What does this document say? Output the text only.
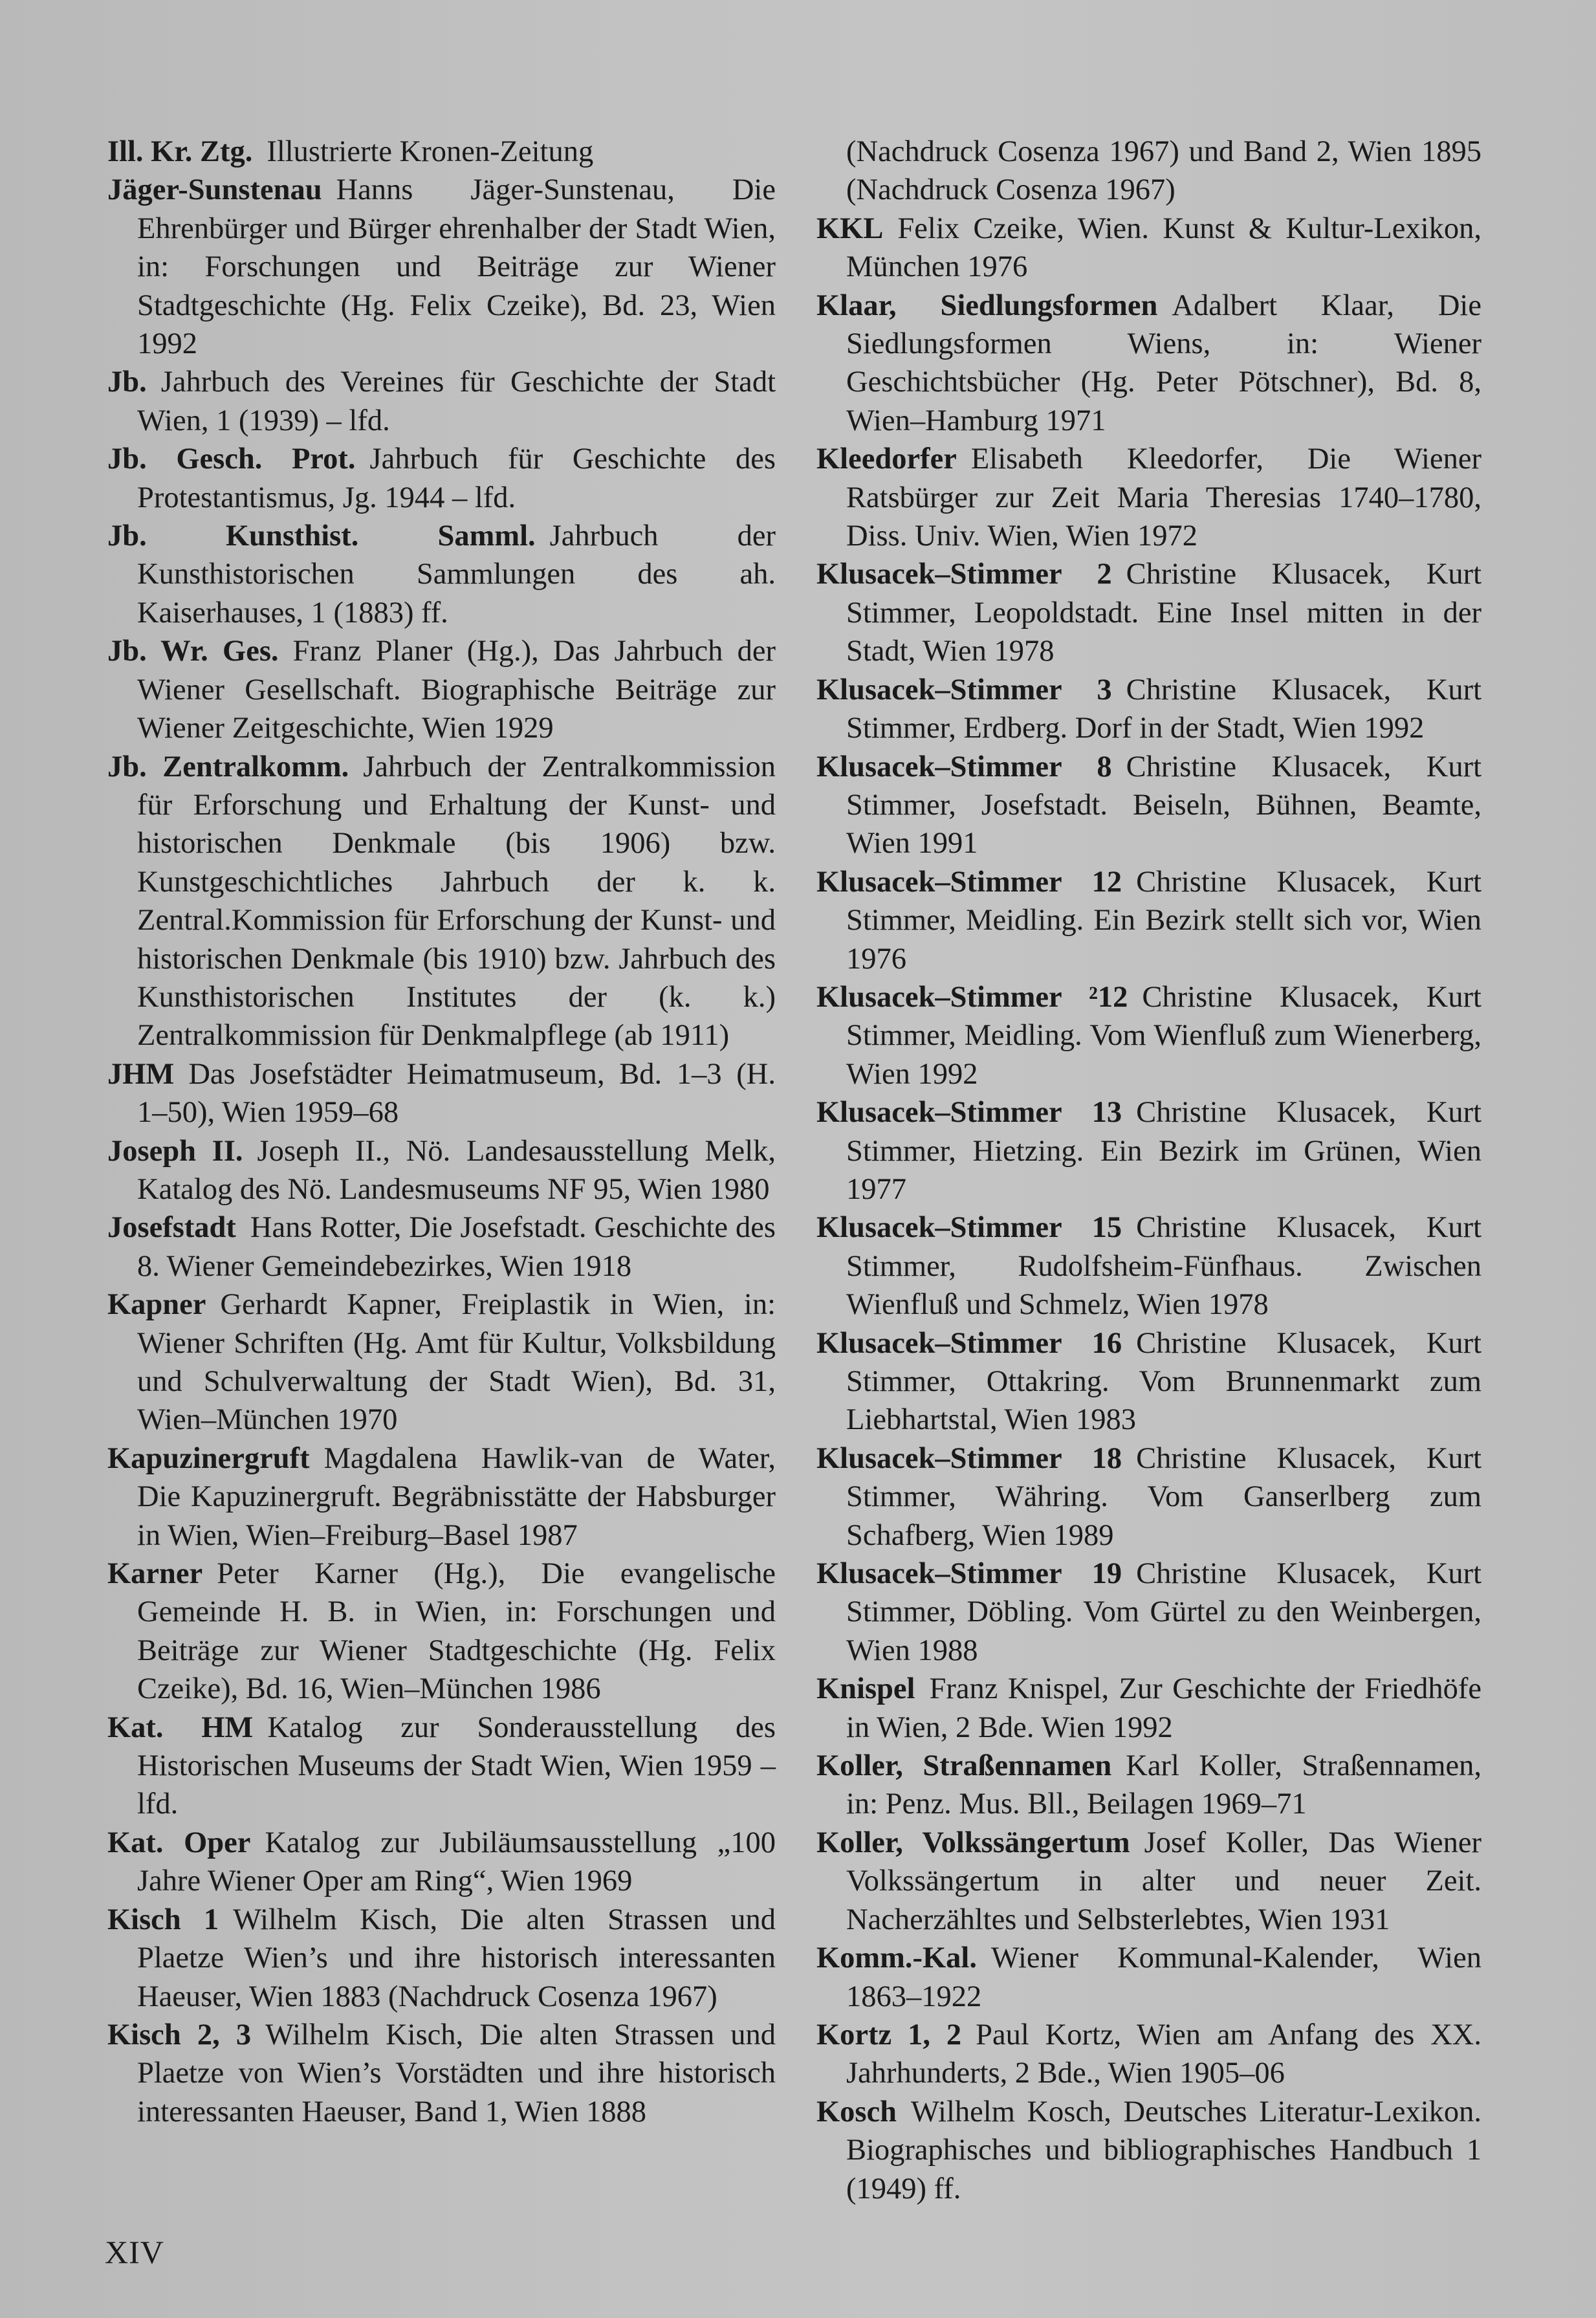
Ill. Kr. Ztg. Illustrierte Kronen-Zeitung

Jäger-Sunstenau Hanns Jäger-Sunstenau, Die Ehrenbürger und Bürger ehrenhalber der Stadt Wien, in: Forschungen und Beiträge zur Wiener Stadtgeschichte (Hg. Felix Czeike), Bd. 23, Wien 1992

Jb. Jahrbuch des Vereines für Geschichte der Stadt Wien, 1 (1939) – lfd.

Jb. Gesch. Prot. Jahrbuch für Geschichte des Protestantismus, Jg. 1944 – lfd.

Jb. Kunsthist. Samml. Jahrbuch der Kunsthistorischen Sammlungen des ah. Kaiserhauses, 1 (1883) ff.

Jb. Wr. Ges. Franz Planer (Hg.), Das Jahrbuch der Wiener Gesellschaft. Biographische Beiträge zur Wiener Zeitgeschichte, Wien 1929

Jb. Zentralkomm. Jahrbuch der Zentralkommission für Erforschung und Erhaltung der Kunst- und historischen Denkmale (bis 1906) bzw. Kunstgeschichtliches Jahrbuch der k. k. Zentral.Kommission für Erforschung der Kunst- und historischen Denkmale (bis 1910) bzw. Jahrbuch des Kunsthistorischen Institutes der (k. k.) Zentralkommission für Denkmalpflege (ab 1911)

JHM Das Josefstädter Heimatmuseum, Bd. 1–3 (H. 1–50), Wien 1959–68

Joseph II. Joseph II., Nö. Landesausstellung Melk, Katalog des Nö. Landesmuseums NF 95, Wien 1980

Josefstadt Hans Rotter, Die Josefstadt. Geschichte des 8. Wiener Gemeindebezirkes, Wien 1918

Kapner Gerhardt Kapner, Freiplastik in Wien, in: Wiener Schriften (Hg. Amt für Kultur, Volksbildung und Schulverwaltung der Stadt Wien), Bd. 31, Wien–München 1970

Kapuzinergruft Magdalena Hawlik-van de Water, Die Kapuzinergruft. Begräbnisstätte der Habsburger in Wien, Wien–Freiburg–Basel 1987

Karner Peter Karner (Hg.), Die evangelische Gemeinde H. B. in Wien, in: Forschungen und Beiträge zur Wiener Stadtgeschichte (Hg. Felix Czeike), Bd. 16, Wien–München 1986

Kat. HM Katalog zur Sonderausstellung des Historischen Museums der Stadt Wien, Wien 1959 – lfd.

Kat. Oper Katalog zur Jubiläumsausstellung „100 Jahre Wiener Oper am Ring“, Wien 1969

Kisch 1 Wilhelm Kisch, Die alten Strassen und Plaetze Wien’s und ihre historisch interessanten Haeuser, Wien 1883 (Nachdruck Cosenza 1967)

Kisch 2, 3 Wilhelm Kisch, Die alten Strassen und Plaetze von Wien’s Vorstädten und ihre historisch interessanten Haeuser, Band 1, Wien 1888

(Nachdruck Cosenza 1967) und Band 2, Wien 1895 (Nachdruck Cosenza 1967)

KKL Felix Czeike, Wien. Kunst & Kultur-Lexikon, München 1976

Klaar, Siedlungsformen Adalbert Klaar, Die Siedlungsformen Wiens, in: Wiener Geschichtsbücher (Hg. Peter Pötschner), Bd. 8, Wien–Hamburg 1971

Kleedorfer Elisabeth Kleedorfer, Die Wiener Ratsbürger zur Zeit Maria Theresias 1740–1780, Diss. Univ. Wien, Wien 1972

Klusacek–Stimmer 2 Christine Klusacek, Kurt Stimmer, Leopoldstadt. Eine Insel mitten in der Stadt, Wien 1978

Klusacek–Stimmer 3 Christine Klusacek, Kurt Stimmer, Erdberg. Dorf in der Stadt, Wien 1992

Klusacek–Stimmer 8 Christine Klusacek, Kurt Stimmer, Josefstadt. Beiseln, Bühnen, Beamte, Wien 1991

Klusacek–Stimmer 12 Christine Klusacek, Kurt Stimmer, Meidling. Ein Bezirk stellt sich vor, Wien 1976

Klusacek–Stimmer ²12 Christine Klusacek, Kurt Stimmer, Meidling. Vom Wienfluß zum Wienerberg, Wien 1992

Klusacek–Stimmer 13 Christine Klusacek, Kurt Stimmer, Hietzing. Ein Bezirk im Grünen, Wien 1977

Klusacek–Stimmer 15 Christine Klusacek, Kurt Stimmer, Rudolfsheim-Fünfhaus. Zwischen Wienfluß und Schmelz, Wien 1978

Klusacek–Stimmer 16 Christine Klusacek, Kurt Stimmer, Ottakring. Vom Brunnenmarkt zum Liebhartstal, Wien 1983

Klusacek–Stimmer 18 Christine Klusacek, Kurt Stimmer, Währing. Vom Ganserlberg zum Schafberg, Wien 1989

Klusacek–Stimmer 19 Christine Klusacek, Kurt Stimmer, Döbling. Vom Gürtel zu den Weinbergen, Wien 1988

Knispel Franz Knispel, Zur Geschichte der Friedhöfe in Wien, 2 Bde. Wien 1992

Koller, Straßennamen Karl Koller, Straßennamen, in: Penz. Mus. Bll., Beilagen 1969–71

Koller, Volkssängertum Josef Koller, Das Wiener Volkssängertum in alter und neuer Zeit. Nacherzähltes und Selbsterlebtes, Wien 1931

Komm.-Kal. Wiener Kommunal-Kalender, Wien 1863–1922

Kortz 1, 2 Paul Kortz, Wien am Anfang des XX. Jahrhunderts, 2 Bde., Wien 1905–06

Kosch Wilhelm Kosch, Deutsches Literatur-Lexikon. Biographisches und bibliographisches Handbuch 1 (1949) ff.

XIV
